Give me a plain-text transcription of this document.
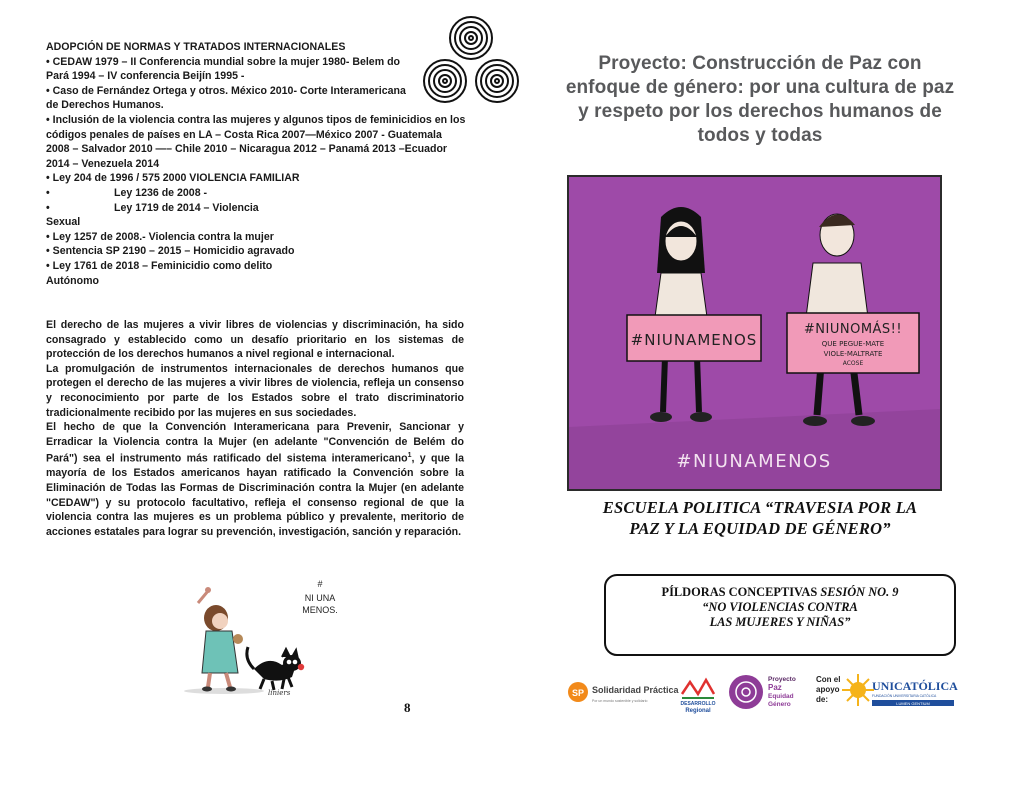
ADOPCIÓN DE NORMAS Y TRATADOS INTERNACIONALES
• CEDAW 1979 – II Conferencia mundial sobre la mujer 1980- Belem do
Pará 1994 – IV conferencia Beijín 1995 -
• Caso de Fernández Ortega y otros. México 2010- Corte Interamericana
de Derechos Humanos.
• Inclusión de la violencia contra las mujeres y algunos tipos de feminicidios en los
códigos penales de países en LA – Costa Rica 2007—México 2007 - Guatemala
2008 – Salvador 2010 —– Chile 2010 – Nicaragua 2012 – Panamá 2013 –Ecuador
2014 – Venezuela 2014
• Ley 204 de 1996 / 575 2000 VIOLENCIA FAMILIAR
•	Ley 1236 de 2008 -
•	Ley 1719 de 2014 – Violencia
Sexual
• Ley 1257 de 2008.- Violencia contra la mujer
• Sentencia SP 2190 – 2015 – Homicidio agravado
• Ley 1761 de 2018 – Feminicidio como delito
Autónomo

El derecho de las mujeres a vivir libres de violencias y discriminación, ha sido consagrado y establecido como un desafío prioritario en los sistemas de protección de los derechos humanos a nivel regional e internacional.

La promulgación de instrumentos internacionales de derechos humanos que protegen el derecho de las mujeres a vivir libres de violencia, refleja un consenso y reconocimiento por parte de los Estados sobre el trato discriminatorio tradicionalmente recibido por las mujeres en sus sociedades.

El hecho de que la Convención Interamericana para Prevenir, Sancionar y Erradicar la Violencia contra la Mujer (en adelante "Convención de Belém do Pará") sea el instrumento más ratificado del sistema interamericano$^1$, y que la mayoría de los Estados americanos hayan ratificado la Convención sobre la Eliminación de Todas las Formas de Discriminación contra la Mujer (en adelante "CEDAW") y su protocolo facultativo, refleja el consenso regional de que la violencia contra las mujeres es un problema público y prevalente, meritorio de acciones estatales para lograr su prevención, investigación, sanción y reparación.

#
NI UNA
MENOS.
liniers
8
Proyecto: Construcción de Paz con enfoque de género: por una cultura de paz y respeto por los derechos humanos de todos y todas
#NIUNAMENOS
#NIUNOMÁS!!
QUE PEGUE-MATE
VIOLE-MALTRATE
ACOSE
#NIUNAMENOS
ESCUELA POLITICA “TRAVESIA POR LA PAZ Y LA EQUIDAD DE GÉNERO”
PÍLDORAS CONCEPTIVAS SESIÓN NO. 9
“NO VIOLENCIAS CONTRA
LAS MUJERES Y NIÑAS”
SP Solidaridad Práctica
Por un mundo sostenible y solidario	DESARROLLO
Regional
Proyecto
Paz
Equidad
Género
Con el
apoyo
de:
UNICATÓLICA
FUNDACIÓN UNIVERSITARIA CATÓLICA
LUMEN GENTIUM
